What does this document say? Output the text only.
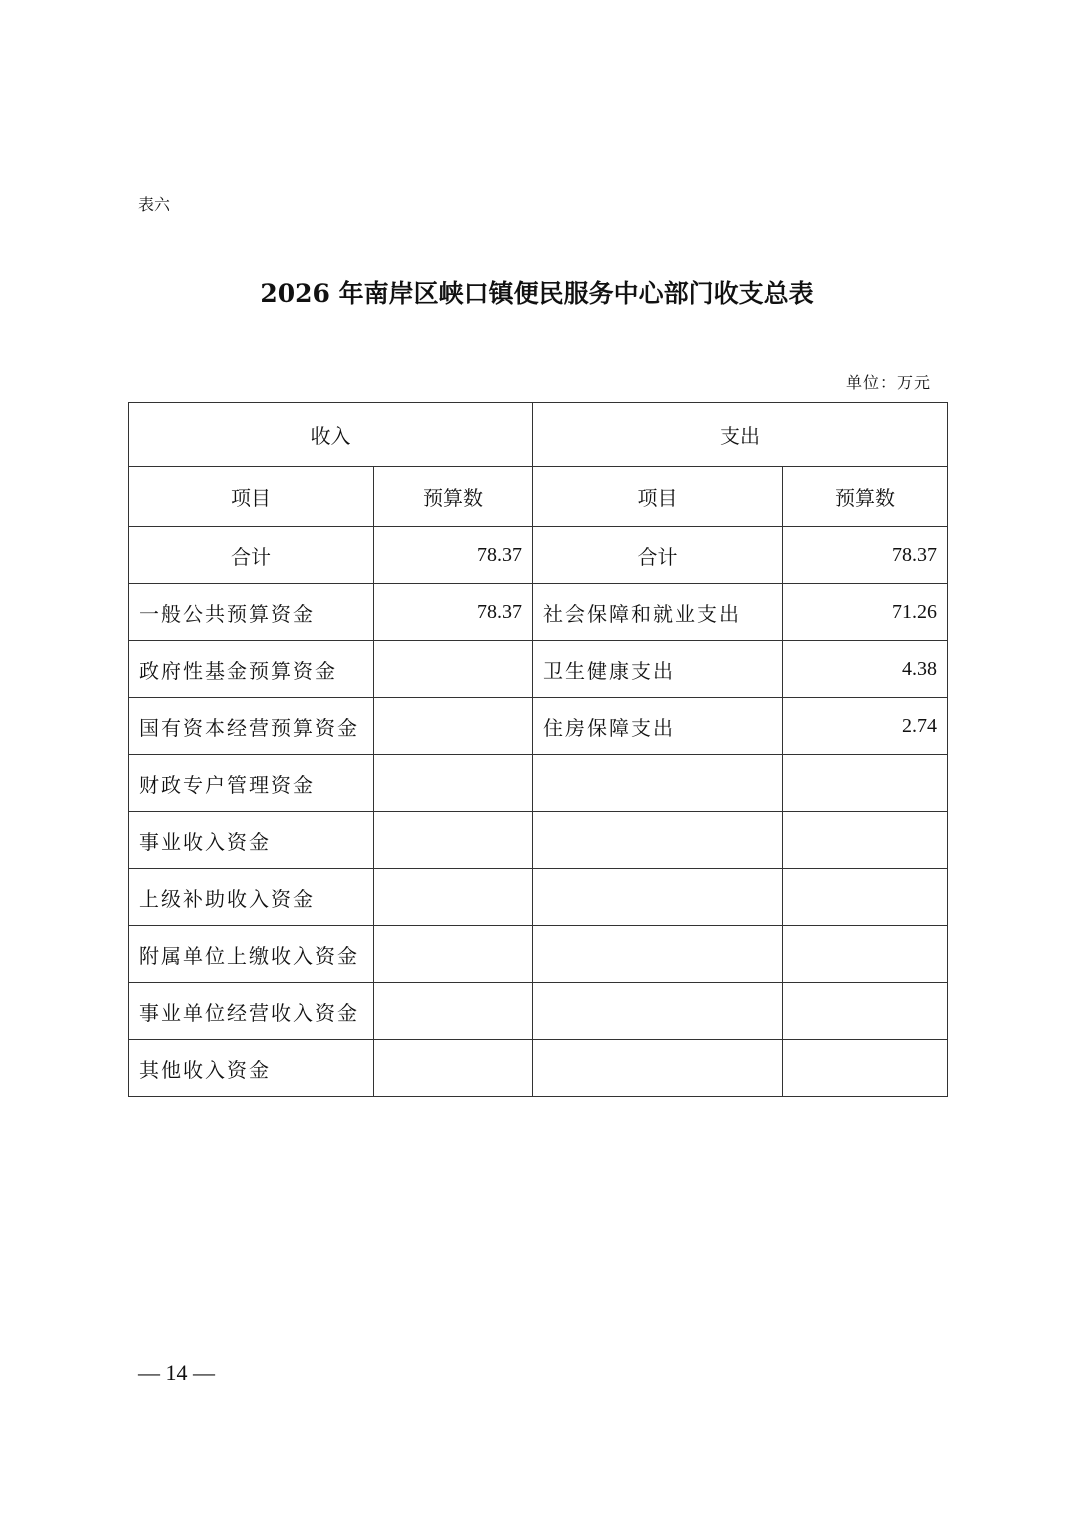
表六
2026 年南岸区峡口镇便民服务中心部门收支总表
单位：万元
收入		支出	
项目	预算数	项目	预算数
合计	78.37	合计	78.37
一般公共预算资金	78.37	社会保障和就业支出	71.26
政府性基金预算资金		卫生健康支出	4.38
国有资本经营预算资金		住房保障支出	2.74
财政专户管理资金			
事业收入资金			
上级补助收入资金			
附属单位上缴收入资金			
事业单位经营收入资金			
其他收入资金			
— 14 —
